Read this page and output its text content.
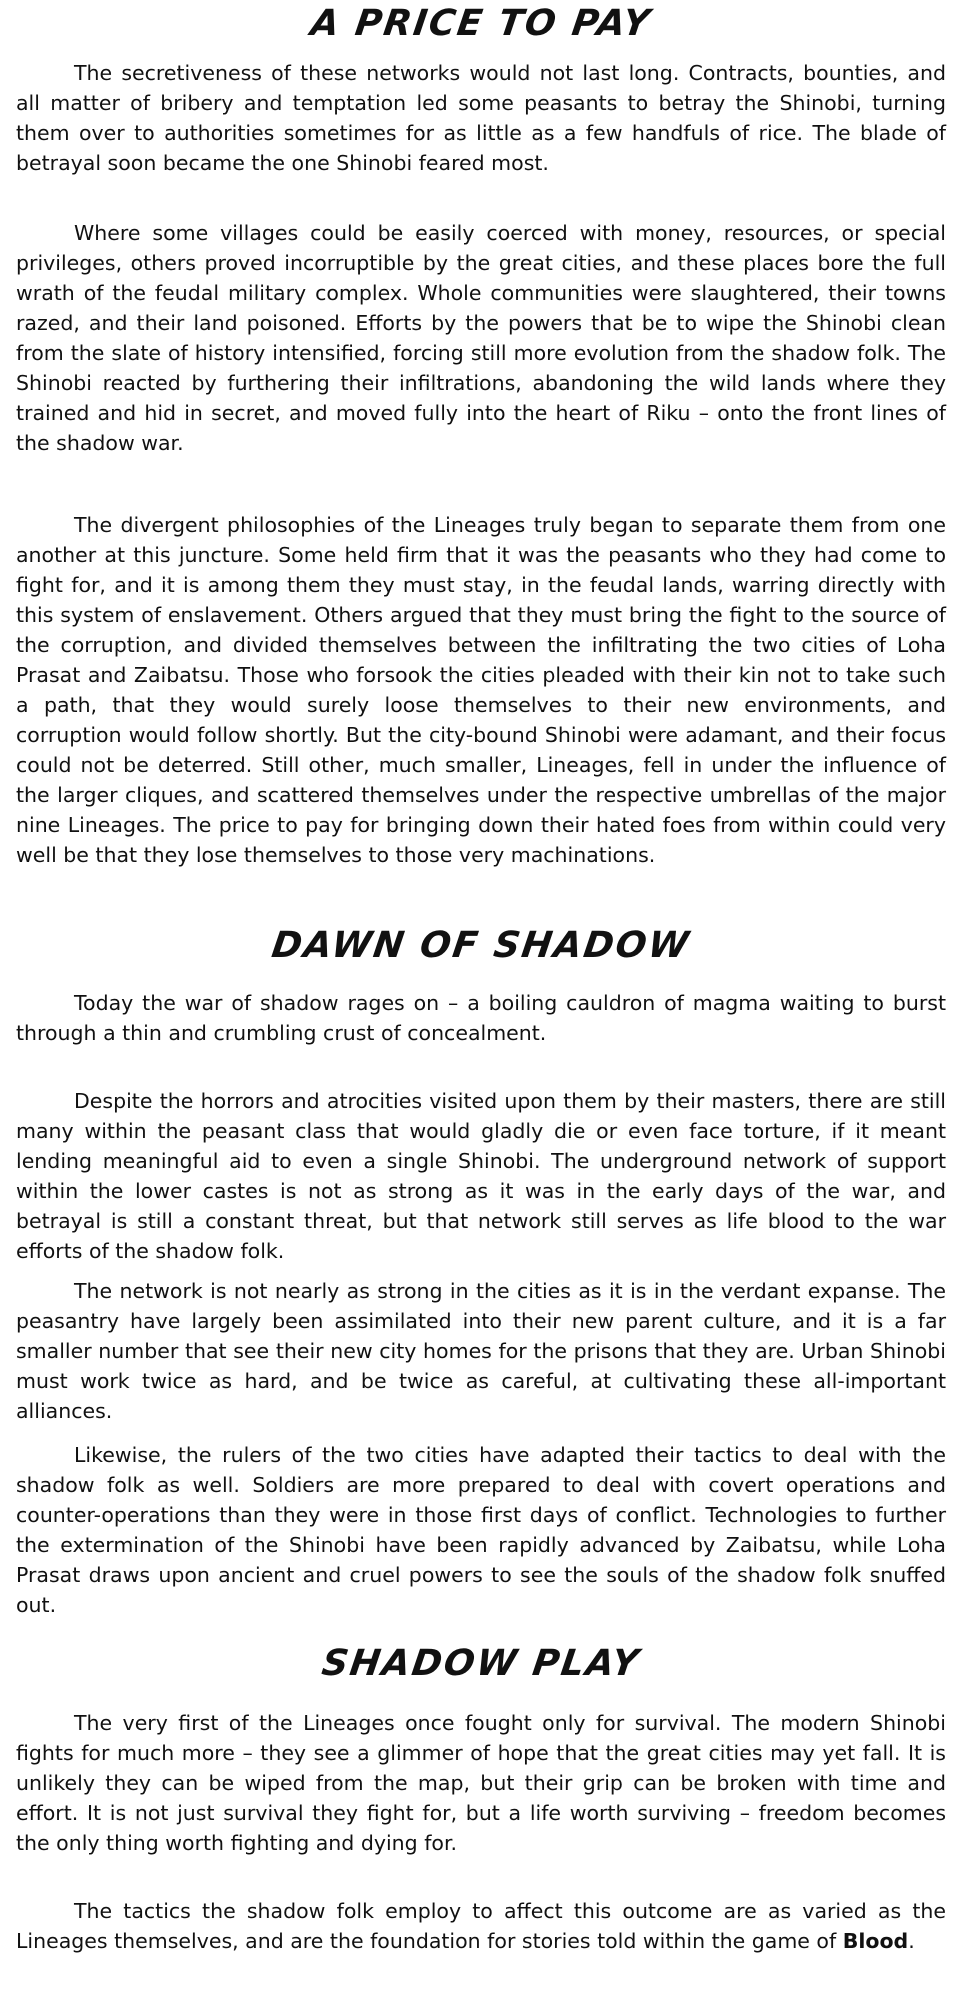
A PRICE TO PAY

The secretiveness of these networks would not last long. Contracts, bounties, and all matter of bribery and temptation led some peasants to betray the Shinobi, turning them over to authorities sometimes for as little as a few handfuls of rice. The blade of betrayal soon became the one Shinobi feared most.

Where some villages could be easily coerced with money, resources, or special privileges, others proved incorruptible by the great cities, and these places bore the full wrath of the feudal military complex. Whole communities were slaughtered, their towns razed, and their land poisoned. Efforts by the powers that be to wipe the Shinobi clean from the slate of history intensified, forcing still more evolution from the shadow folk. The Shinobi reacted by furthering their infiltrations, abandoning the wild lands where they trained and hid in secret, and moved fully into the heart of Riku – onto the front lines of the shadow war.

The divergent philosophies of the Lineages truly began to separate them from one another at this juncture. Some held firm that it was the peasants who they had come to fight for, and it is among them they must stay, in the feudal lands, warring directly with this system of enslavement. Others argued that they must bring the fight to the source of the corruption, and divided themselves between the infiltrating the two cities of Loha Prasat and Zaibatsu. Those who forsook the cities pleaded with their kin not to take such a path, that they would surely loose themselves to their new environments, and corruption would follow shortly. But the city-bound Shinobi were adamant, and their focus could not be deterred. Still other, much smaller, Lineages, fell in under the influence of the larger cliques, and scattered themselves under the respective umbrellas of the major nine Lineages. The price to pay for bringing down their hated foes from within could very well be that they lose themselves to those very machinations.

DAWN OF SHADOW

Today the war of shadow rages on – a boiling cauldron of magma waiting to burst through a thin and crumbling crust of concealment.

Despite the horrors and atrocities visited upon them by their masters, there are still many within the peasant class that would gladly die or even face torture, if it meant lending meaningful aid to even a single Shinobi. The underground network of support within the lower castes is not as strong as it was in the early days of the war, and betrayal is still a constant threat, but that network still serves as life blood to the war efforts of the shadow folk.

The network is not nearly as strong in the cities as it is in the verdant expanse. The peasantry have largely been assimilated into their new parent culture, and it is a far smaller number that see their new city homes for the prisons that they are. Urban Shinobi must work twice as hard, and be twice as careful, at cultivating these all-important alliances.

Likewise, the rulers of the two cities have adapted their tactics to deal with the shadow folk as well. Soldiers are more prepared to deal with covert operations and counter-operations than they were in those first days of conflict. Technologies to further the extermination of the Shinobi have been rapidly advanced by Zaibatsu, while Loha Prasat draws upon ancient and cruel powers to see the souls of the shadow folk snuffed out.

SHADOW PLAY

The very first of the Lineages once fought only for survival. The modern Shinobi fights for much more – they see a glimmer of hope that the great cities may yet fall. It is unlikely they can be wiped from the map, but their grip can be broken with time and effort. It is not just survival they fight for, but a life worth surviving – freedom becomes the only thing worth fighting and dying for.

The tactics the shadow folk employ to affect this outcome are as varied as the Lineages themselves, and are the foundation for stories told within the game of Blood.
